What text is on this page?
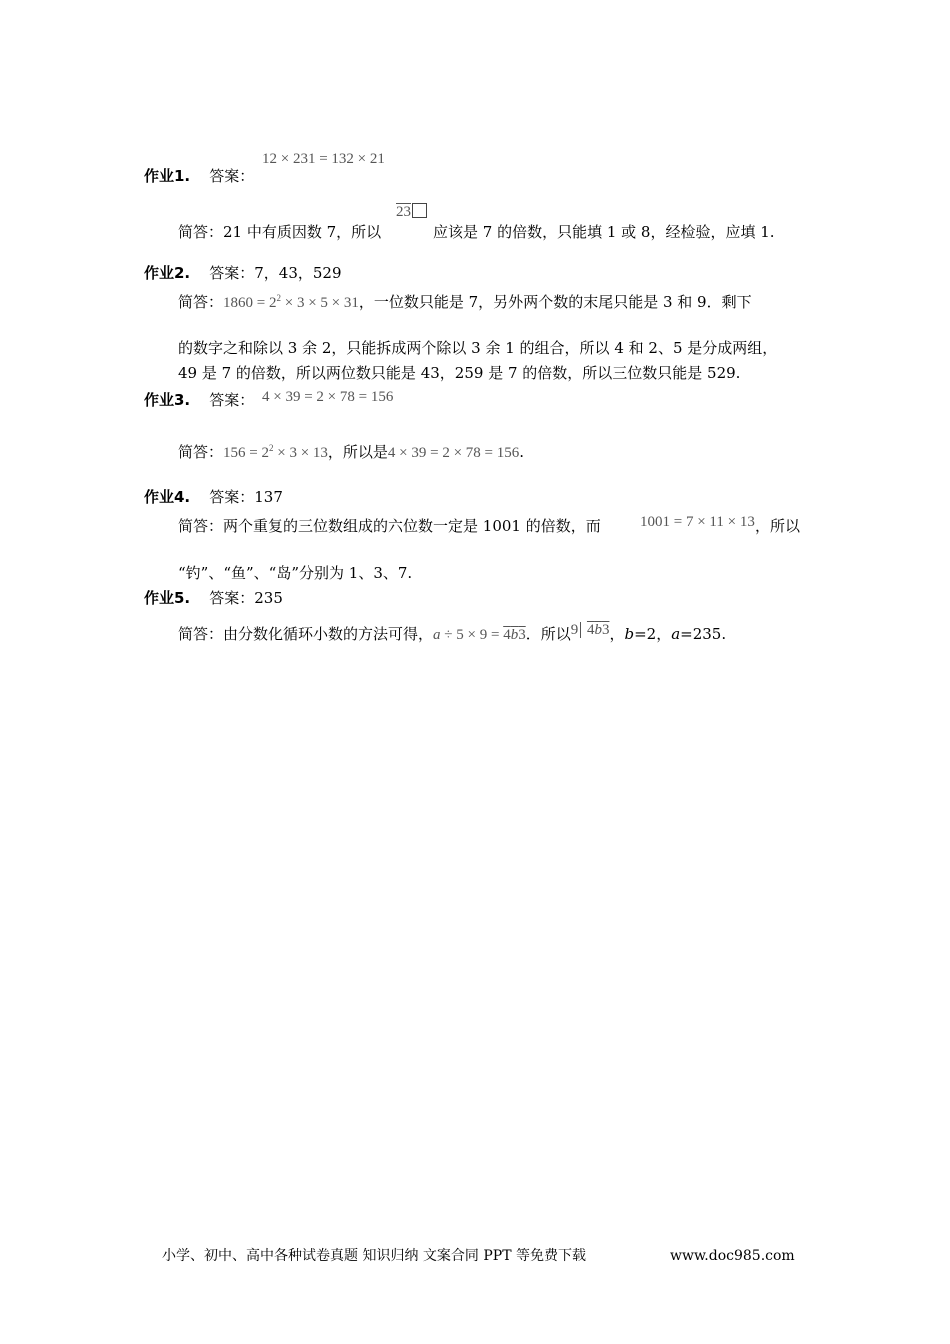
12 × 231 = 132 × 21
作业1. 答案：
23
简答：21 中有质因数 7，所以	应该是 7 的倍数，只能填 1 或 8，经检验，应填 1.
作业2. 答案：7，43，529
简答：$1860 = 2^2 \times 3 \times 5 \times 31$，一位数只能是 7，另外两个数的末尾只能是 3 和 9．剩下
的数字之和除以 3 余 2，只能拆成两个除以 3 余 1 的组合，所以 4 和 2、5 是分成两组，
49 是 7 的倍数，所以两位数只能是 43，259 是 7 的倍数，所以三位数只能是 529.
作业3. 答案： 4 × 39 = 2 × 78 = 156
简答：$156 = 2^2 \times 3 \times 13$，所以是4 × 39 = 2 × 78 = 156.
作业4. 答案：137
简答：两个重复的三位数组成的六位数一定是 1001 的倍数，而	1001 = 7 × 11 × 13 ，所以
“钓”、“鱼”、“岛”分别为 1、3、7.
作业5. 答案：235
简答：由分数化循环小数的方法可得，a ÷ 5 × 9 = 4b3．所以9 4b3，b=2，a=235.
小学、初中、高中各种试卷真题 知识归纳 文案合同 PPT 等免费下载	www.doc985.com
